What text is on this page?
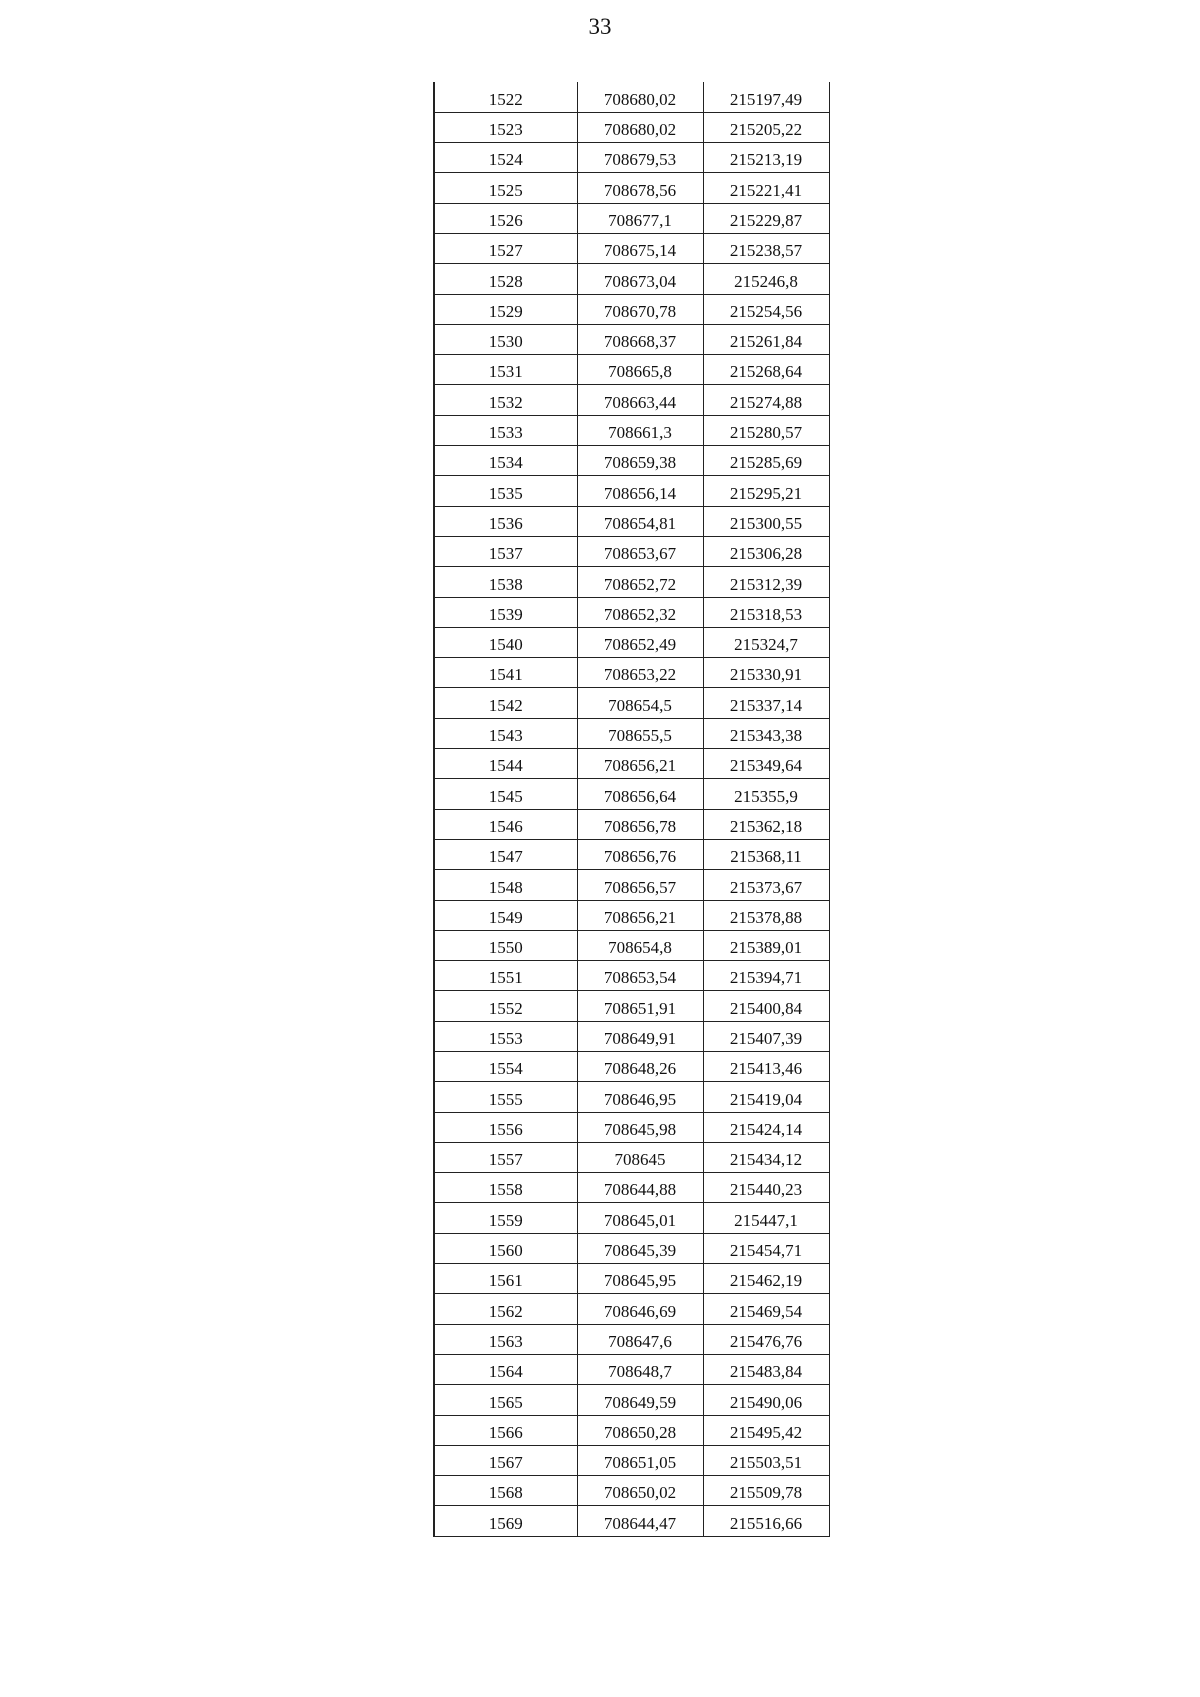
33
1522	708680,02	215197,49
1523	708680,02	215205,22
1524	708679,53	215213,19
1525	708678,56	215221,41
1526	708677,1	215229,87
1527	708675,14	215238,57
1528	708673,04	215246,8
1529	708670,78	215254,56
1530	708668,37	215261,84
1531	708665,8	215268,64
1532	708663,44	215274,88
1533	708661,3	215280,57
1534	708659,38	215285,69
1535	708656,14	215295,21
1536	708654,81	215300,55
1537	708653,67	215306,28
1538	708652,72	215312,39
1539	708652,32	215318,53
1540	708652,49	215324,7
1541	708653,22	215330,91
1542	708654,5	215337,14
1543	708655,5	215343,38
1544	708656,21	215349,64
1545	708656,64	215355,9
1546	708656,78	215362,18
1547	708656,76	215368,11
1548	708656,57	215373,67
1549	708656,21	215378,88
1550	708654,8	215389,01
1551	708653,54	215394,71
1552	708651,91	215400,84
1553	708649,91	215407,39
1554	708648,26	215413,46
1555	708646,95	215419,04
1556	708645,98	215424,14
1557	708645	215434,12
1558	708644,88	215440,23
1559	708645,01	215447,1
1560	708645,39	215454,71
1561	708645,95	215462,19
1562	708646,69	215469,54
1563	708647,6	215476,76
1564	708648,7	215483,84
1565	708649,59	215490,06
1566	708650,28	215495,42
1567	708651,05	215503,51
1568	708650,02	215509,78
1569	708644,47	215516,66
